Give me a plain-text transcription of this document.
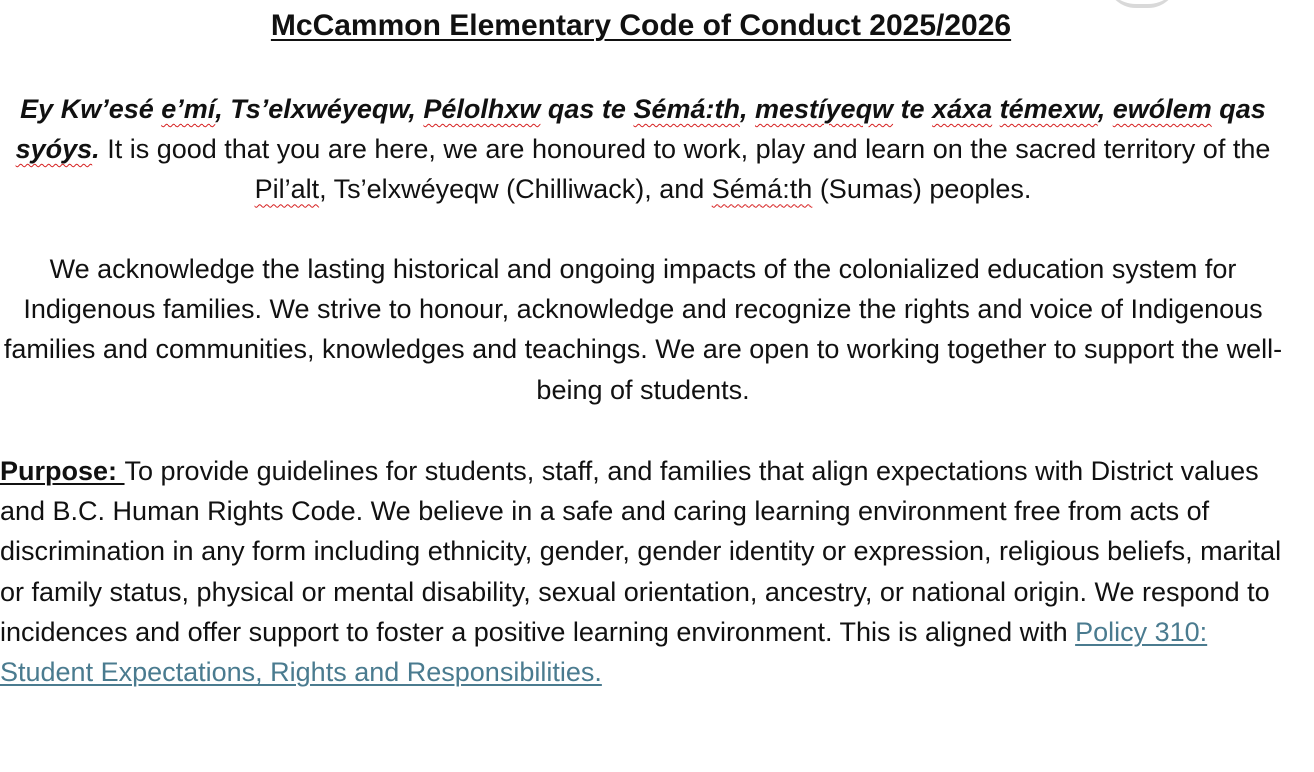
McCammon Elementary Code of Conduct 2025/2026

Ey Kw’esé e’mí, Ts’elxwéyeqw, Pélolhxw qas te Sémá:th, mestíyeqw te xáxa témexw, ewólem qas syóys. It is good that you are here, we are honoured to work, play and learn on the sacred territory of the Pil’alt, Ts’elxwéyeqw (Chilliwack), and Sémá:th (Sumas) peoples.

We acknowledge the lasting historical and ongoing impacts of the colonialized education system for Indigenous families. We strive to honour, acknowledge and recognize the rights and voice of Indigenous families and communities, knowledges and teachings. We are open to working together to support the well-being of students.

Purpose: To provide guidelines for students, staff, and families that align expectations with District values and B.C. Human Rights Code. We believe in a safe and caring learning environment free from acts of discrimination in any form including ethnicity, gender, gender identity or expression, religious beliefs, marital or family status, physical or mental disability, sexual orientation, ancestry, or national origin. We respond to incidences and offer support to foster a positive learning environment. This is aligned with Policy 310: Student Expectations, Rights and Responsibilities.
